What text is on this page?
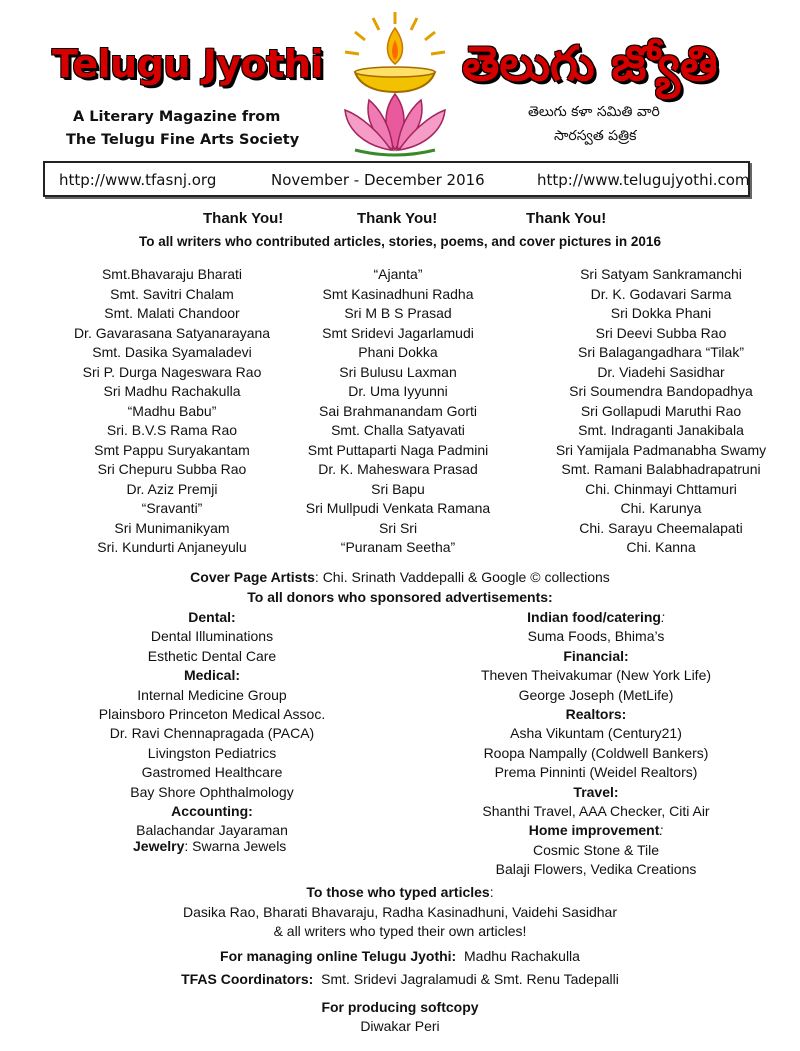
Telugu Jyothi
A Literary Magazine from
The Telugu Fine Arts Society
తెలుగు జ్యోతి
తెలుగు కళా సమితి వారి
సారస్వత పత్రిక
http://www.tfasnj.org	November - December 2016	http://www.telugujyothi.com
Thank You!	Thank You!	Thank You!
To all writers who contributed articles, stories, poems, and cover pictures in 2016
Smt.Bhavaraju Bharati
Smt. Savitri Chalam
Smt. Malati Chandoor
Dr. Gavarasana Satyanarayana
Smt. Dasika Syamaladevi
Sri P. Durga Nageswara Rao
Sri Madhu Rachakulla
“Madhu Babu”
Sri. B.V.S Rama Rao
Smt Pappu Suryakantam
Sri Chepuru Subba Rao
Dr. Aziz Premji
“Sravanti”
Sri Munimanikyam
Sri. Kundurti Anjaneyulu
“Ajanta”
Smt Kasinadhuni Radha
Sri M B S Prasad
Smt Sridevi Jagarlamudi
Phani Dokka
Sri Bulusu Laxman
Dr. Uma Iyyunni
Sai Brahmanandam Gorti
Smt. Challa Satyavati
Smt Puttaparti Naga Padmini
Dr. K. Maheswara Prasad
Sri Bapu
Sri Mullpudi Venkata Ramana
Sri Sri
“Puranam Seetha”
Sri Satyam Sankramanchi
Dr. K. Godavari Sarma
Sri Dokka Phani
Sri Deevi Subba Rao
Sri Balagangadhara “Tilak”
Dr. Viadehi Sasidhar
Sri Soumendra Bandopadhya
Sri Gollapudi Maruthi Rao
Smt. Indraganti Janakibala
Sri Yamijala Padmanabha Swamy
Smt. Ramani Balabhadrapatruni
Chi. Chinmayi Chttamuri
Chi. Karunya
Chi. Sarayu Cheemalapati
Chi. Kanna
Cover Page Artists: Chi. Srinath Vaddepalli & Google © collections
To all donors who sponsored advertisements:
Dental:
Dental Illuminations
Esthetic Dental Care
Medical:
Internal Medicine Group
Plainsboro Princeton Medical Assoc.
Dr. Ravi Chennapragada (PACA)
Livingston Pediatrics
Gastromed Healthcare
Bay Shore Ophthalmology
Accounting:
Balachandar Jayaraman
Jewelry: Swarna Jewels
Indian food/catering:
Suma Foods, Bhima’s
Financial:
Theven Theivakumar (New York Life)
George Joseph (MetLife)
Realtors:
Asha Vikuntam (Century21)
Roopa Nampally (Coldwell Bankers)
Prema Pinninti (Weidel Realtors)
Travel:
Shanthi Travel, AAA Checker, Citi Air
Home improvement:
Cosmic Stone & Tile
Balaji Flowers, Vedika Creations
To those who typed articles:
Dasika Rao, Bharati Bhavaraju, Radha Kasinadhuni, Vaidehi Sasidhar
& all writers who typed their own articles!
For managing online Telugu Jyothi: Madhu Rachakulla
TFAS Coordinators: Smt. Sridevi Jagralamudi & Smt. Renu Tadepalli
For producing softcopy
Diwakar Peri
